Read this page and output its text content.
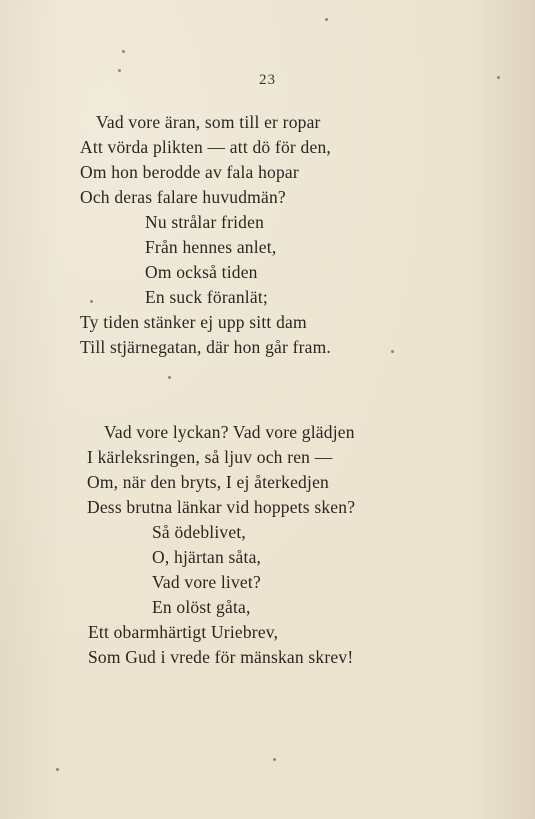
23
Vad vore äran, som till er ropar
Att vörda plikten — att dö för den,
Om hon berodde av fala hopar
Och deras falare huvudmän?
Nu strålar friden
Från hennes anlet,
Om också tiden
En suck föranlät;
Ty tiden stänker ej upp sitt dam
Till stjärnegatan, där hon går fram.
Vad vore lyckan? Vad vore glädjen
I kärleksringen, så ljuv och ren —
Om, när den bryts, I ej återkedjen
Dess brutna länkar vid hoppets sken?
Så ödeblivet,
O, hjärtan såta,
Vad vore livet?
En olöst gåta,
Ett obarmhärtigt Uriebrev,
Som Gud i vrede för mänskan skrev!
